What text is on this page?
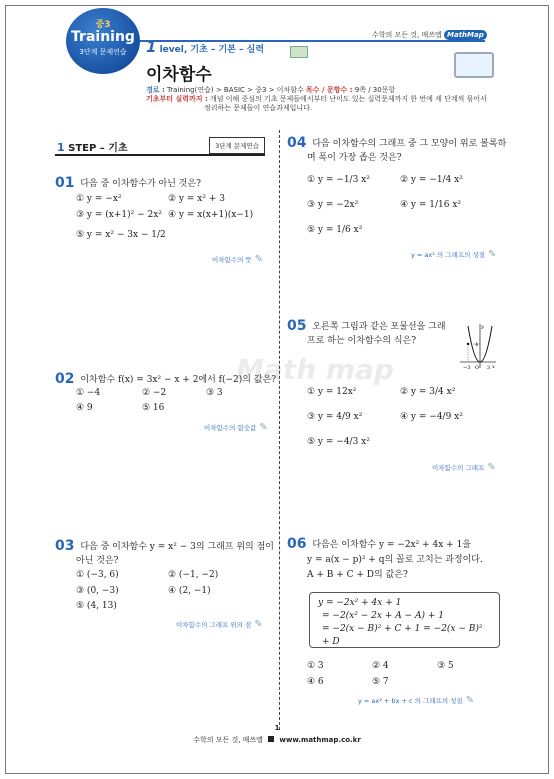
중3
Training
3단계 문제연습	1 level, 기초 – 기본 – 실력
수학의 모든 것, 매쓰맵 MathMap
이차함수
경로 : Training(연습) > BASIC > 중3 > 이차함수 목수 / 문항수 : 9쪽 / 30문항
기초부터 실력까지 : 개념 이해 중심의 기초 문제들에서부터 난이도 있는 실력문제까지 한 번에 세 단계씩 묶어서
정리하는 문제들이 연습과제입니다.
Math map
1 STEP – 기초	3단계 문제연습
01 다음 중 이차함수가 아닌 것은?
① y = −x²	② y = x² + 3
③ y = (x+1)² − 2x² ④ y = x(x+1)(x−1)
⑤ y = x² − 3x − 1/2
이차함수의 뜻 ✎
02 이차함수 f(x) = 3x² − x + 2에서 f(−2)의 값은?
① −4	② −2	③ 3
④ 9	⑤ 16
이차함수의 함숫값 ✎
03 다음 중 이차함수 y = x² − 3의 그래프 위의 점이
아닌 것은?
① (−3, 6)	② (−1, −2)
③ (0, −3)	④ (2, −1)
⑤ (4, 13)
이차함수의 그래프 위의 점 ✎
04 다음 이차함수의 그래프 중 그 모양이 위로 볼록하
며 폭이 가장 좁은 것은?
① y = −1/3 x²	② y = −1/4 x²
③ y = −2x²	④ y = 1/16 x²
⑤ y = 1/6 x²
y = ax² 의 그래프의 성질 ✎
05 오른쪽 그림과 같은 포물선을 그래
프로 하는 이차함수의 식은?
y
4
x
−3 O 3
① y = 12x²	② y = 3/4 x²
③ y = 4/9 x²	④ y = −4/9 x²
⑤ y = −4/3 x²
이차함수의 그래프 ✎
06 다음은 이차함수 y = −2x² + 4x + 1을
y = a(x − p)² + q의 꼴로 고치는 과정이다.
A + B + C + D의 값은?
y = −2x² + 4x + 1
= −2(x² − 2x + A − A) + 1
= −2(x − B)² + C + 1 = −2(x − B)² + D
① 3	② 4	③ 5
④ 6	⑤ 7
y = ax² + bx + c 의 그래프의 성질 ✎
1
수학의 모든 것, 매쓰맵 www.mathmap.co.kr
